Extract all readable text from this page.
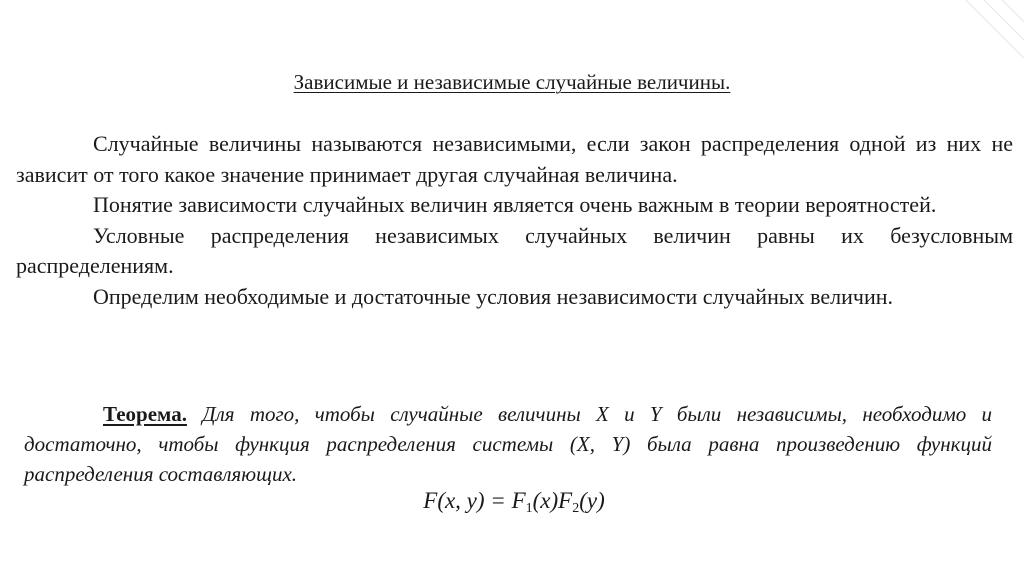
Зависимые и независимые случайные величины.

Случайные величины называются независимыми, если закон распределения одной из них не зависит от того какое значение принимает другая случайная величина.

Понятие зависимости случайных величин является очень важным в теории вероятностей.

Условные распределения независимых случайных величин равны их безусловным распределениям.

Определим необходимые и достаточные условия независимости случайных величин.

Теорема. Для того, чтобы случайные величины X и Y были независимы, необходимо и достаточно, чтобы функция распределения системы (X, Y) была равна произведению функций распределения составляющих.
F(x, $y) = F_1(x)F_2(y)$
